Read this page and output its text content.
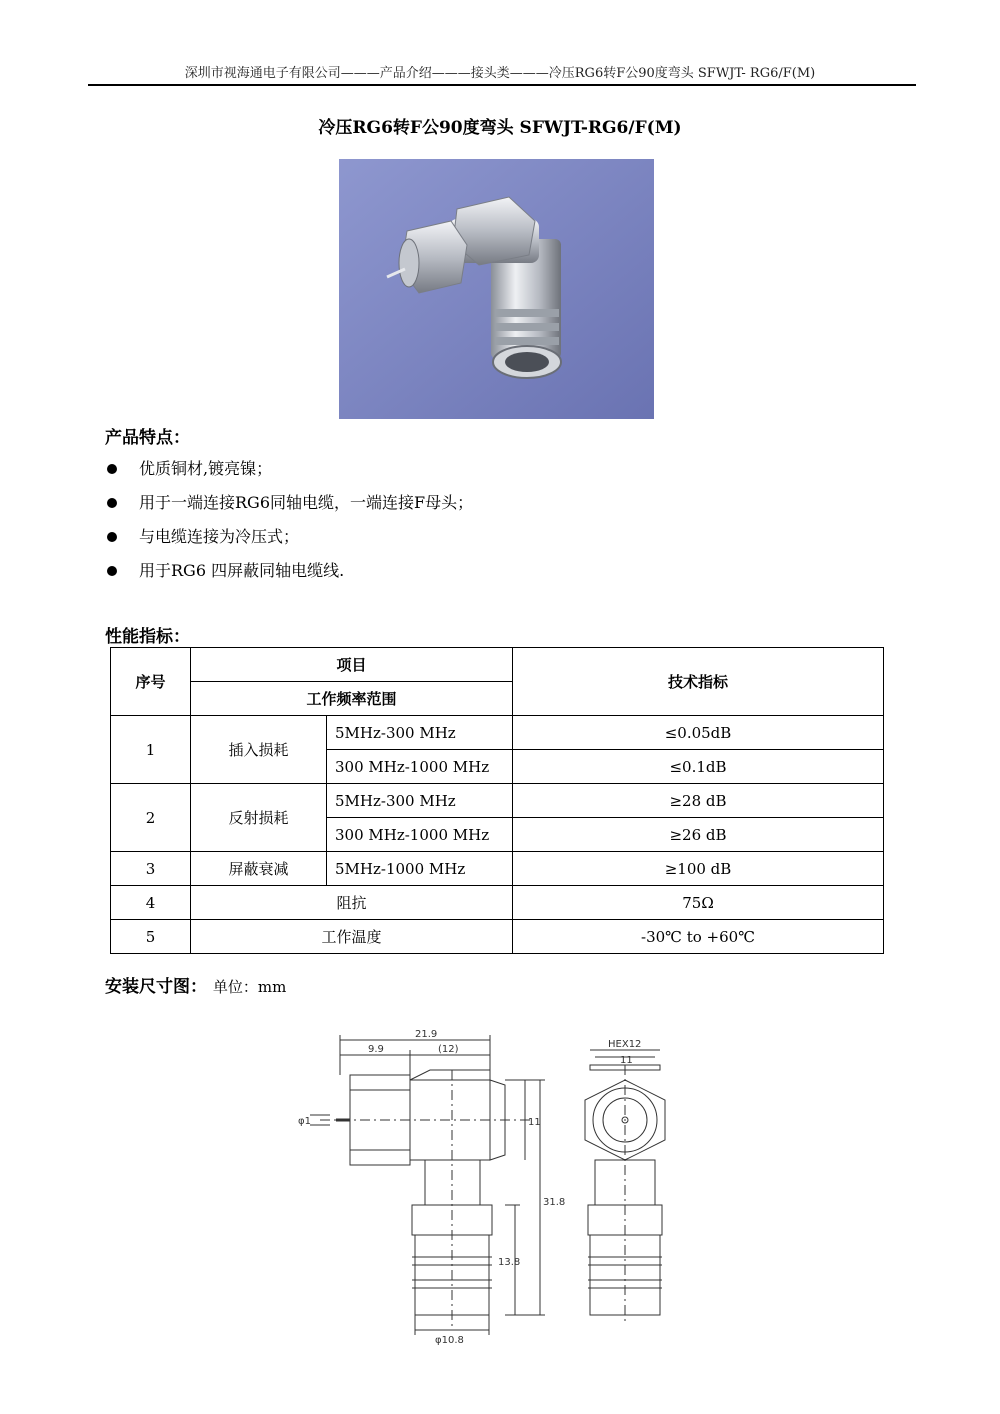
深圳市视海通电子有限公司———产品介绍———接头类———冷压RG6转F公90度弯头 SFWJT- RG6/F(M)
冷压RG6转F公90度弯头 SFWJT-RG6/F(M)
产品特点：
优质铜材,镀亮镍；
用于一端连接RG6同轴电缆，一端连接F母头；
与电缆连接为冷压式；
用于RG6 四屏蔽同轴电缆线.
性能指标：
序号	项目		技术指标
	工作频率范围		
1	插入损耗	5MHz-300 MHz	≤0.05dB
		300 MHz-1000 MHz	≤0.1dB
2	反射损耗	5MHz-300 MHz	≥28 dB
		300 MHz-1000 MHz	≥26 dB
3	屏蔽衰减	5MHz-1000 MHz	≥100 dB
4	阻抗		75Ω
5	工作温度		-30℃ to +60℃
安装尺寸图： 单位：mm
21.9
9.9	(12)
φ1	11
31.8
13.8
φ10.8
HEX12
11
